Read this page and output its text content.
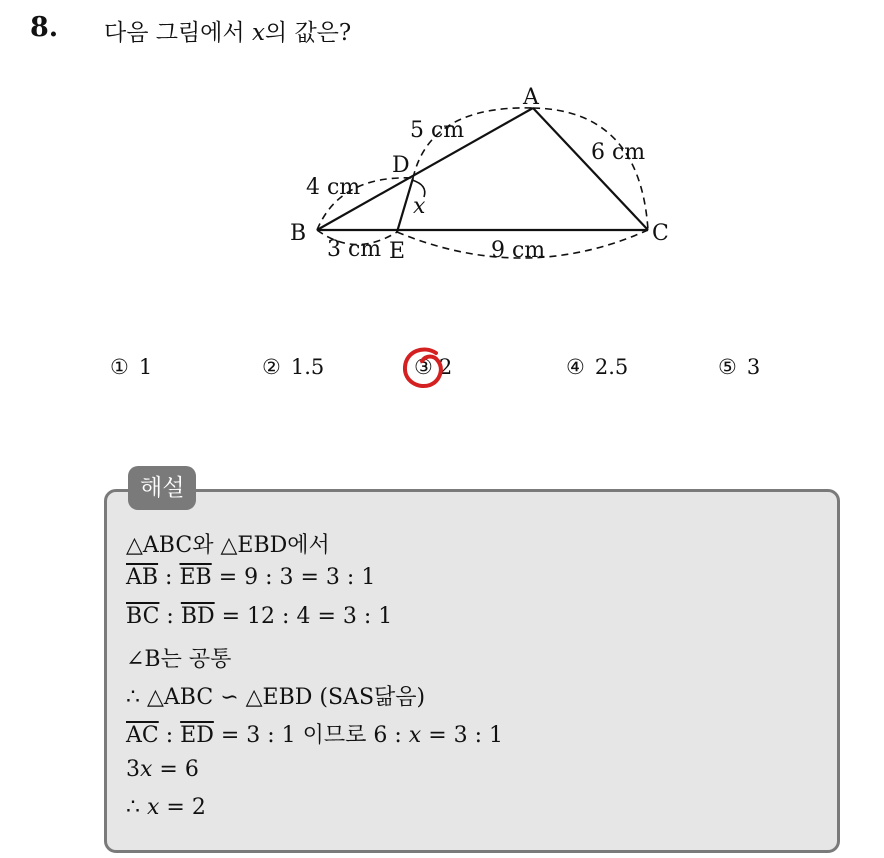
8. 다음 그림에서 x의 값은?
A
B	C
D
E
5 cm
4 cm
6 cm
3 cm	9 cm
x
① 1	② 1.5	③ 2	④ 2.5	⑤ 3
해설
△ABC와 △EBD에서
$\overline{AB}$ : $\overline{EB} = 9$ : 3 = 3 : 1
$\overline{BC}$ : $\overline{BD} = 12$ : 4 = 3 : 1
∠B는 공통
∴ △ABC ∽ △EBD (SAS닮음)
$\overline{AC}$ : $\overline{ED} = 3$ : 1 이므로 6 : x = 3 : 1
3x = 6
∴ x = 2
